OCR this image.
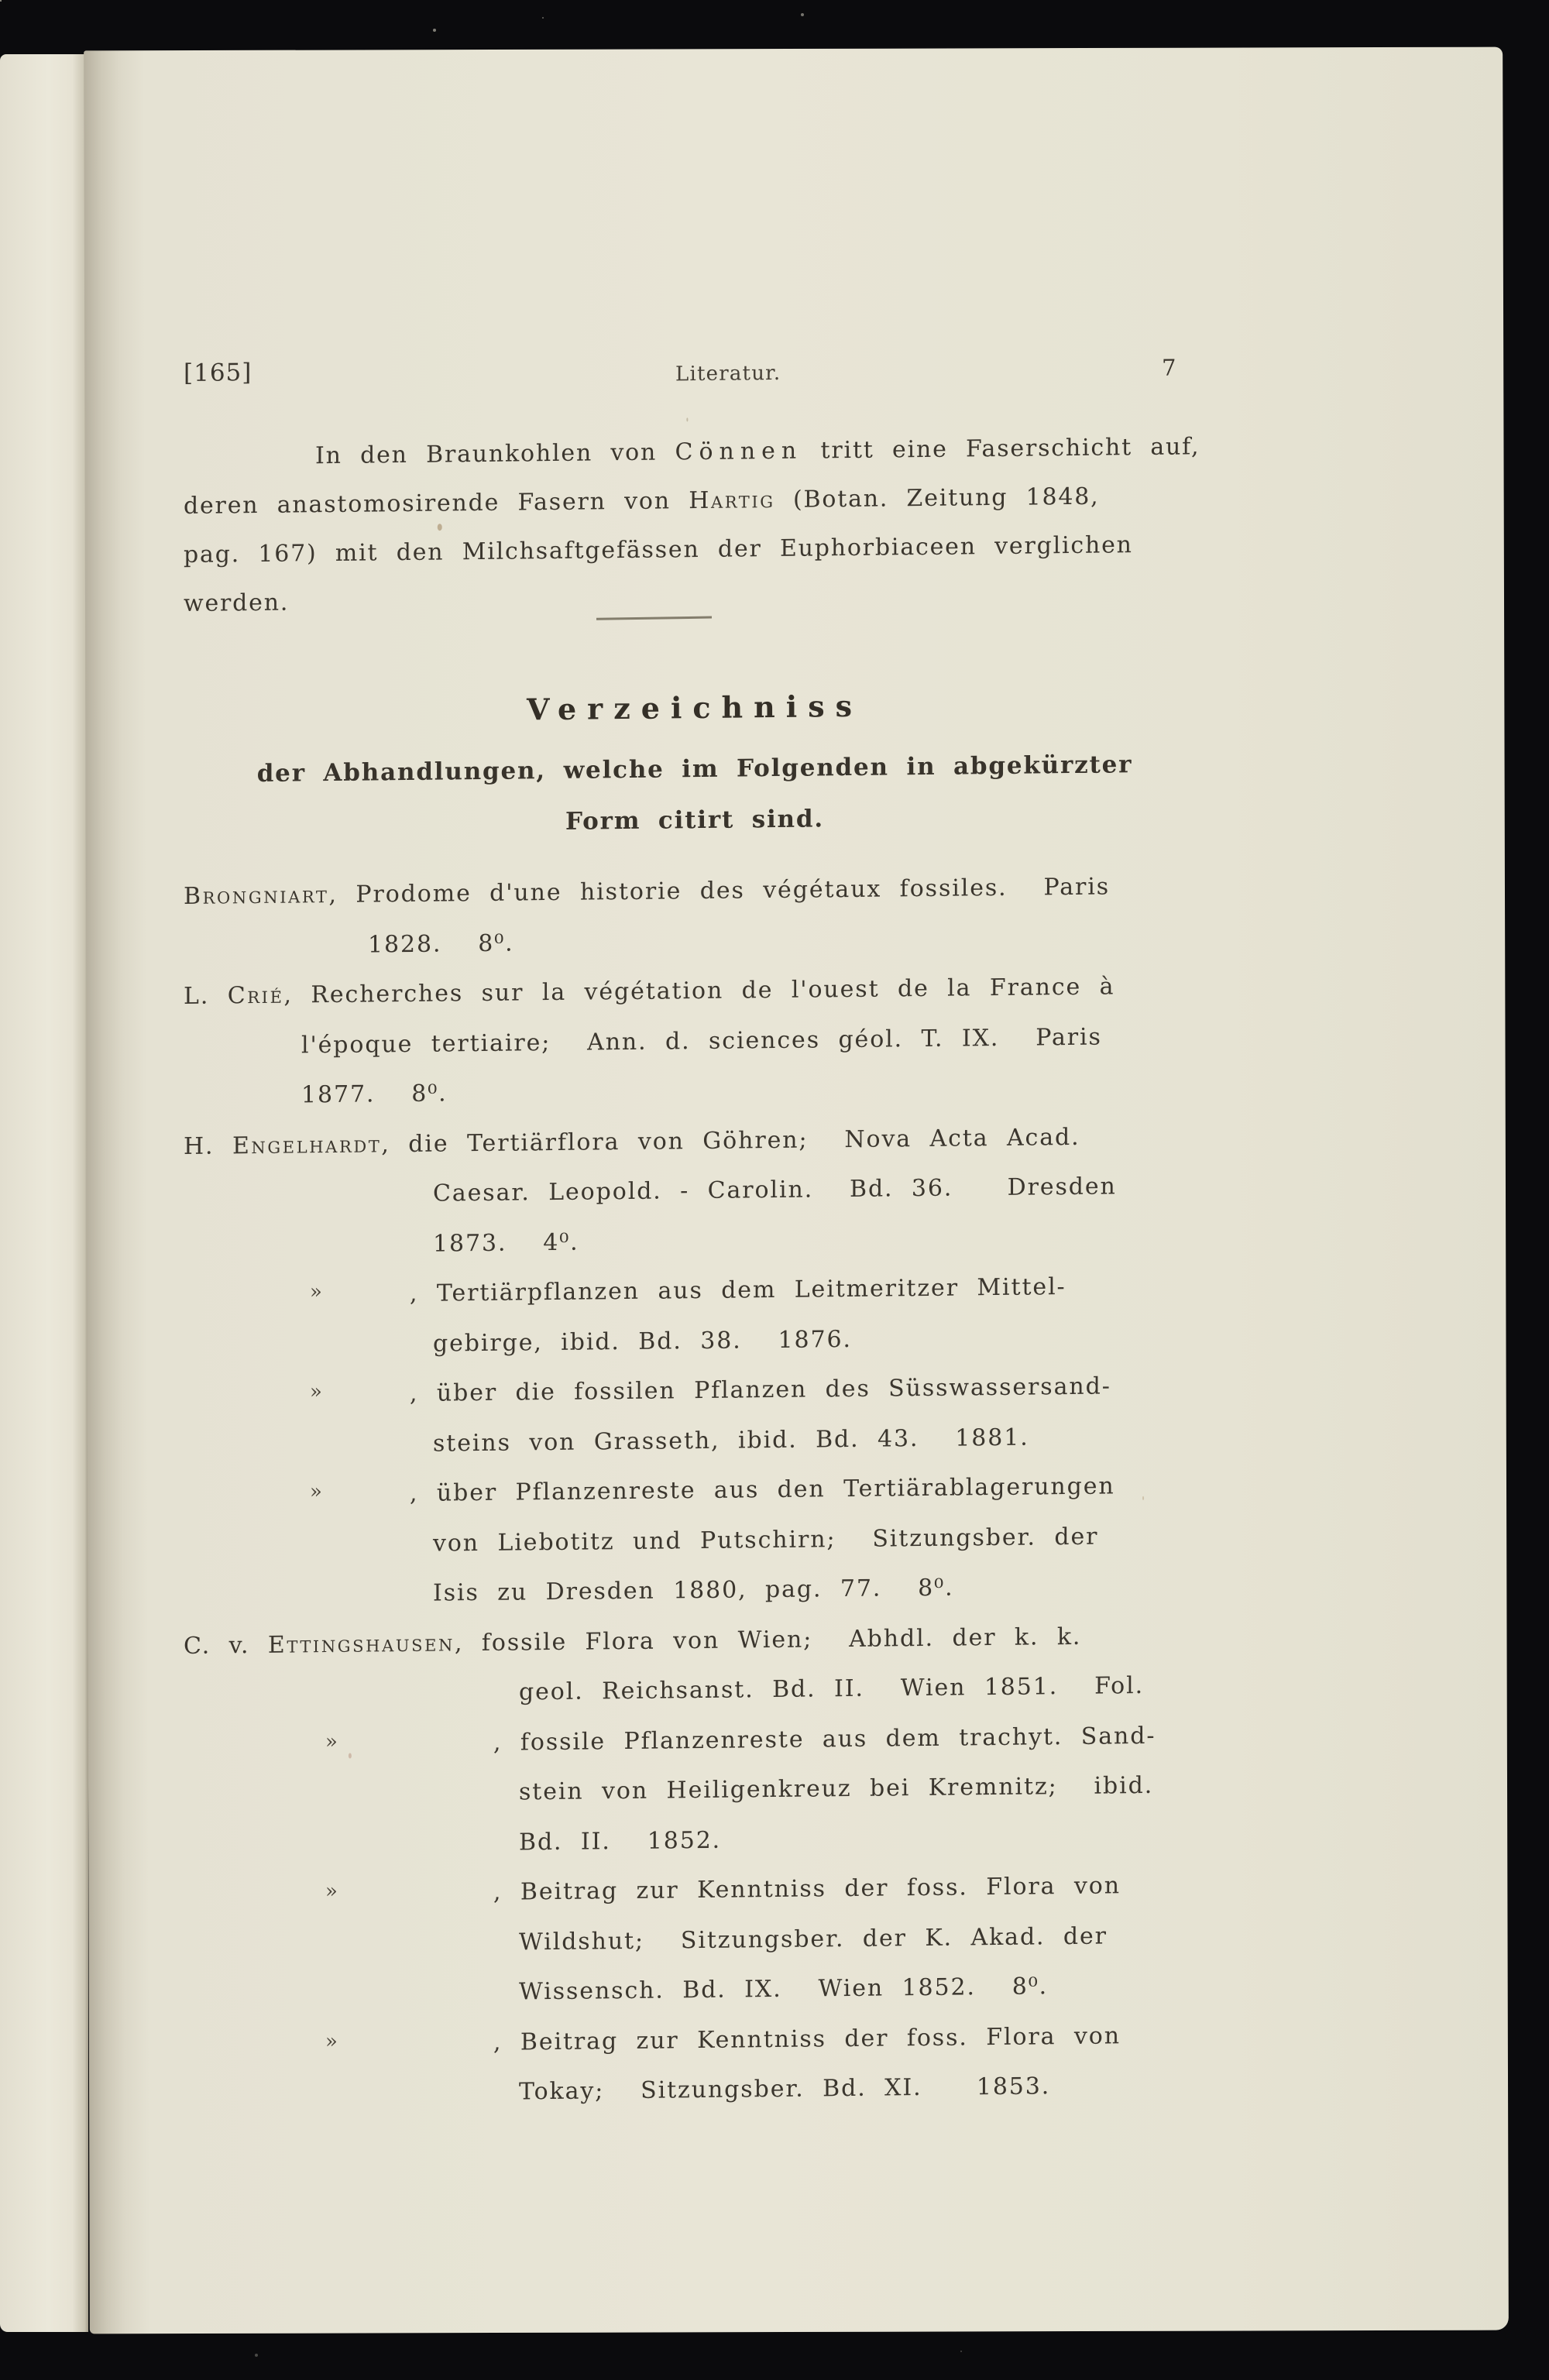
[165]	Literatur.	7
In den Braunkohlen von Cönnen tritt eine Faserschicht auf,
deren anastomosirende Fasern von Hartig (Botan. Zeitung 1848,
pag. 167) mit den Milchsaftgefässen der Euphorbiaceen verglichen
werden.
Verzeichniss
der Abhandlungen, welche im Folgenden in abgekürzter
Form citirt sind.
Brongniart, Prodome d'une historie des végétaux fossiles.  Paris
1828.  8⁰.
L. Crié, Recherches sur la végétation de l'ouest de la France à
l'époque tertiaire;  Ann. d. sciences géol. T. IX.  Paris
1877.  8⁰.
H. Engelhardt, die Tertiärflora von Göhren;  Nova Acta Acad.
Caesar. Leopold. - Carolin.  Bd. 36.   Dresden
1873.  4⁰.
»	, Tertiärpflanzen aus dem Leitmeritzer Mittel-
gebirge, ibid. Bd. 38.  1876.
»	, über die fossilen Pflanzen des Süsswassersand-
steins von Grasseth, ibid. Bd. 43.  1881.
»	, über Pflanzenreste aus den Tertiärablagerungen
von Liebotitz und Putschirn;  Sitzungsber. der
Isis zu Dresden 1880, pag. 77.  8⁰.
C. v. Ettingshausen, fossile Flora von Wien;  Abhdl. der k. k.
geol. Reichsanst. Bd. II.  Wien 1851.  Fol.
»	, fossile Pflanzenreste aus dem trachyt. Sand-
stein von Heiligenkreuz bei Kremnitz;  ibid.
Bd. II.  1852.
»	, Beitrag zur Kenntniss der foss. Flora von
Wildshut;  Sitzungsber. der K. Akad. der
Wissensch. Bd. IX.  Wien 1852.  8⁰.
»	, Beitrag zur Kenntniss der foss. Flora von
Tokay;  Sitzungsber. Bd. XI.   1853.
